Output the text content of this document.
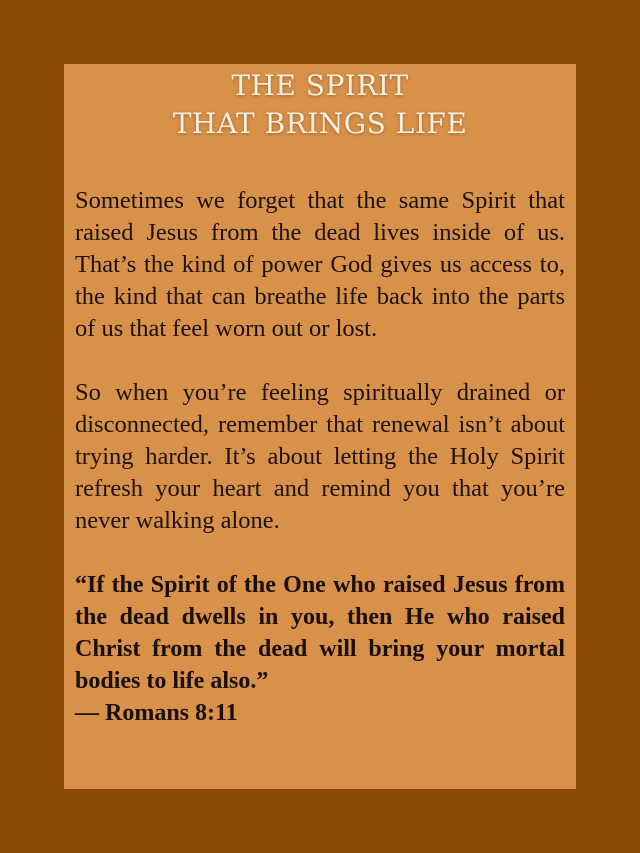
THE SPIRIT
THAT BRINGS LIFE

Sometimes we forget that the same Spirit that raised Jesus from the dead lives inside of us. That’s the kind of power God gives us access to, the kind that can breathe life back into the parts of us that feel worn out or lost.

So when you’re feeling spiritually drained or disconnected, remember that renewal isn’t about trying harder. It’s about letting the Holy Spirit refresh your heart and remind you that you’re never walking alone.

“If the Spirit of the One who raised Jesus from the dead dwells in you, then He who raised Christ from the dead will bring your mortal bodies to life also.”

— Romans 8:11
